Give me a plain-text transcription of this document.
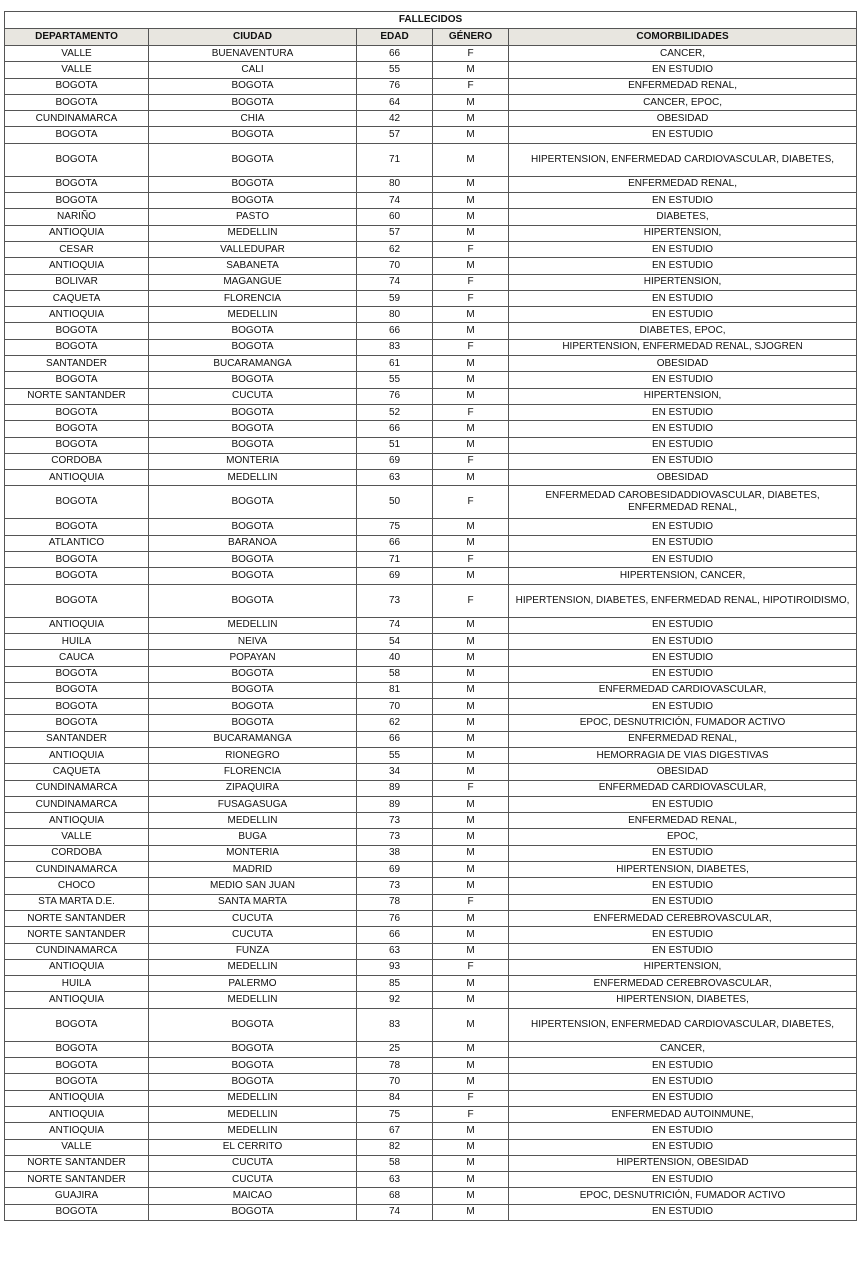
FALLECIDOS				
DEPARTAMENTO	CIUDAD	EDAD	GÉNERO	COMORBILIDADES
VALLE	BUENAVENTURA	66	F	CANCER,
VALLE	CALI	55	M	EN ESTUDIO
BOGOTA	BOGOTA	76	F	ENFERMEDAD RENAL,
BOGOTA	BOGOTA	64	M	CANCER, EPOC,
CUNDINAMARCA	CHIA	42	M	OBESIDAD
BOGOTA	BOGOTA	57	M	EN ESTUDIO
BOGOTA	BOGOTA	71	M	HIPERTENSION, ENFERMEDAD CARDIOVASCULAR, DIABETES,
BOGOTA	BOGOTA	80	M	ENFERMEDAD RENAL,
BOGOTA	BOGOTA	74	M	EN ESTUDIO
NARIÑO	PASTO	60	M	DIABETES,
ANTIOQUIA	MEDELLIN	57	M	HIPERTENSION,
CESAR	VALLEDUPAR	62	F	EN ESTUDIO
ANTIOQUIA	SABANETA	70	M	EN ESTUDIO
BOLIVAR	MAGANGUE	74	F	HIPERTENSION,
CAQUETA	FLORENCIA	59	F	EN ESTUDIO
ANTIOQUIA	MEDELLIN	80	M	EN ESTUDIO
BOGOTA	BOGOTA	66	M	DIABETES, EPOC,
BOGOTA	BOGOTA	83	F	HIPERTENSION, ENFERMEDAD RENAL, SJOGREN
SANTANDER	BUCARAMANGA	61	M	OBESIDAD
BOGOTA	BOGOTA	55	M	EN ESTUDIO
NORTE SANTANDER	CUCUTA	76	M	HIPERTENSION,
BOGOTA	BOGOTA	52	F	EN ESTUDIO
BOGOTA	BOGOTA	66	M	EN ESTUDIO
BOGOTA	BOGOTA	51	M	EN ESTUDIO
CORDOBA	MONTERIA	69	F	EN ESTUDIO
ANTIOQUIA	MEDELLIN	63	M	OBESIDAD
BOGOTA	BOGOTA	50	F	ENFERMEDAD CAROBESIDADDIOVASCULAR, DIABETES, ENFERMEDAD RENAL,
BOGOTA	BOGOTA	75	M	EN ESTUDIO
ATLANTICO	BARANOA	66	M	EN ESTUDIO
BOGOTA	BOGOTA	71	F	EN ESTUDIO
BOGOTA	BOGOTA	69	M	HIPERTENSION, CANCER,
BOGOTA	BOGOTA	73	F	HIPERTENSION, DIABETES, ENFERMEDAD RENAL, HIPOTIROIDISMO,
ANTIOQUIA	MEDELLIN	74	M	EN ESTUDIO
HUILA	NEIVA	54	M	EN ESTUDIO
CAUCA	POPAYAN	40	M	EN ESTUDIO
BOGOTA	BOGOTA	58	M	EN ESTUDIO
BOGOTA	BOGOTA	81	M	ENFERMEDAD CARDIOVASCULAR,
BOGOTA	BOGOTA	70	M	EN ESTUDIO
BOGOTA	BOGOTA	62	M	EPOC, DESNUTRICIÓN, FUMADOR ACTIVO
SANTANDER	BUCARAMANGA	66	M	ENFERMEDAD RENAL,
ANTIOQUIA	RIONEGRO	55	M	HEMORRAGIA DE VIAS DIGESTIVAS
CAQUETA	FLORENCIA	34	M	OBESIDAD
CUNDINAMARCA	ZIPAQUIRA	89	F	ENFERMEDAD CARDIOVASCULAR,
CUNDINAMARCA	FUSAGASUGA	89	M	EN ESTUDIO
ANTIOQUIA	MEDELLIN	73	M	ENFERMEDAD RENAL,
VALLE	BUGA	73	M	EPOC,
CORDOBA	MONTERIA	38	M	EN ESTUDIO
CUNDINAMARCA	MADRID	69	M	HIPERTENSION, DIABETES,
CHOCO	MEDIO SAN JUAN	73	M	EN ESTUDIO
STA MARTA D.E.	SANTA MARTA	78	F	EN ESTUDIO
NORTE SANTANDER	CUCUTA	76	M	ENFERMEDAD CEREBROVASCULAR,
NORTE SANTANDER	CUCUTA	66	M	EN ESTUDIO
CUNDINAMARCA	FUNZA	63	M	EN ESTUDIO
ANTIOQUIA	MEDELLIN	93	F	HIPERTENSION,
HUILA	PALERMO	85	M	ENFERMEDAD CEREBROVASCULAR,
ANTIOQUIA	MEDELLIN	92	M	HIPERTENSION, DIABETES,
BOGOTA	BOGOTA	83	M	HIPERTENSION, ENFERMEDAD CARDIOVASCULAR, DIABETES,
BOGOTA	BOGOTA	25	M	CANCER,
BOGOTA	BOGOTA	78	M	EN ESTUDIO
BOGOTA	BOGOTA	70	M	EN ESTUDIO
ANTIOQUIA	MEDELLIN	84	F	EN ESTUDIO
ANTIOQUIA	MEDELLIN	75	F	ENFERMEDAD AUTOINMUNE,
ANTIOQUIA	MEDELLIN	67	M	EN ESTUDIO
VALLE	EL CERRITO	82	M	EN ESTUDIO
NORTE SANTANDER	CUCUTA	58	M	HIPERTENSION, OBESIDAD
NORTE SANTANDER	CUCUTA	63	M	EN ESTUDIO
GUAJIRA	MAICAO	68	M	EPOC, DESNUTRICIÓN, FUMADOR ACTIVO
BOGOTA	BOGOTA	74	M	EN ESTUDIO
